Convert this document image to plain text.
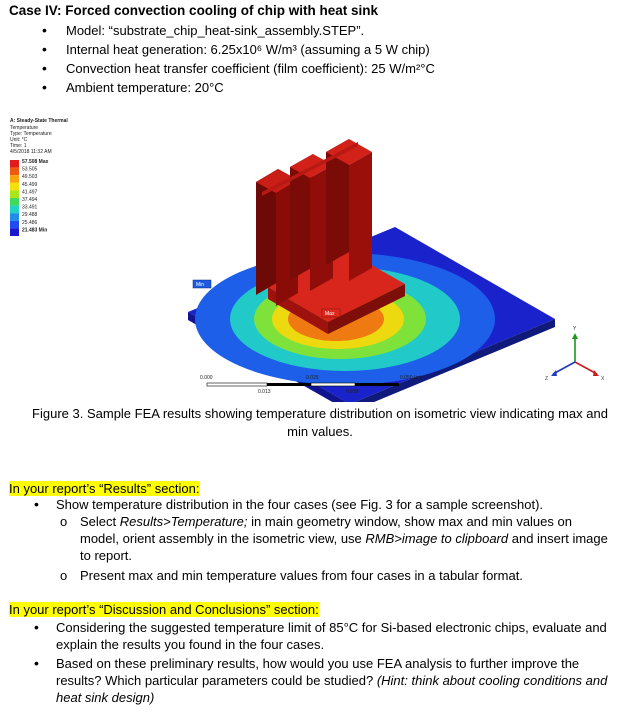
Case IV: Forced convection cooling of chip with heat sink
• Model: “substrate_chip_heat-sink_assembly.STEP”.
• Internal heat generation: 6.25x10⁶ W/m³ (assuming a 5 W chip)
• Convection heat transfer coefficient (film coefficient): 25 W/m²°C
• Ambient temperature: 20°C
A: Steady-State Thermal
Temperature
Type: Temperature
Unit: °C
Time: 1
4/5/2018 11:32 AM
57.508 Max
53.505
49.503
45.499
41.497
37.494
33.491
29.488
25.486
21.483 Min
Min
Max
0.000	0.025	0.050 (m)
0.013	0.038
Y
X
Z
Figure 3. Sample FEA results showing temperature distribution on isometric view indicating max and
min values.
In your report’s “Results” section:
• Show temperature distribution in the four cases (see Fig. 3 for a sample screenshot).
o Select Results>Temperature; in main geometry window, show max and min values on
model, orient assembly in the isometric view, use RMB>image to clipboard and insert image
to report.
o Present max and min temperature values from four cases in a tabular format.
In your report’s “Discussion and Conclusions” section:
• Considering the suggested temperature limit of 85°C for Si-based electronic chips, evaluate and
explain the results you found in the four cases.
• Based on these preliminary results, how would you use FEA analysis to further improve the
results? Which particular parameters could be studied? (Hint: think about cooling conditions and
heat sink design)
